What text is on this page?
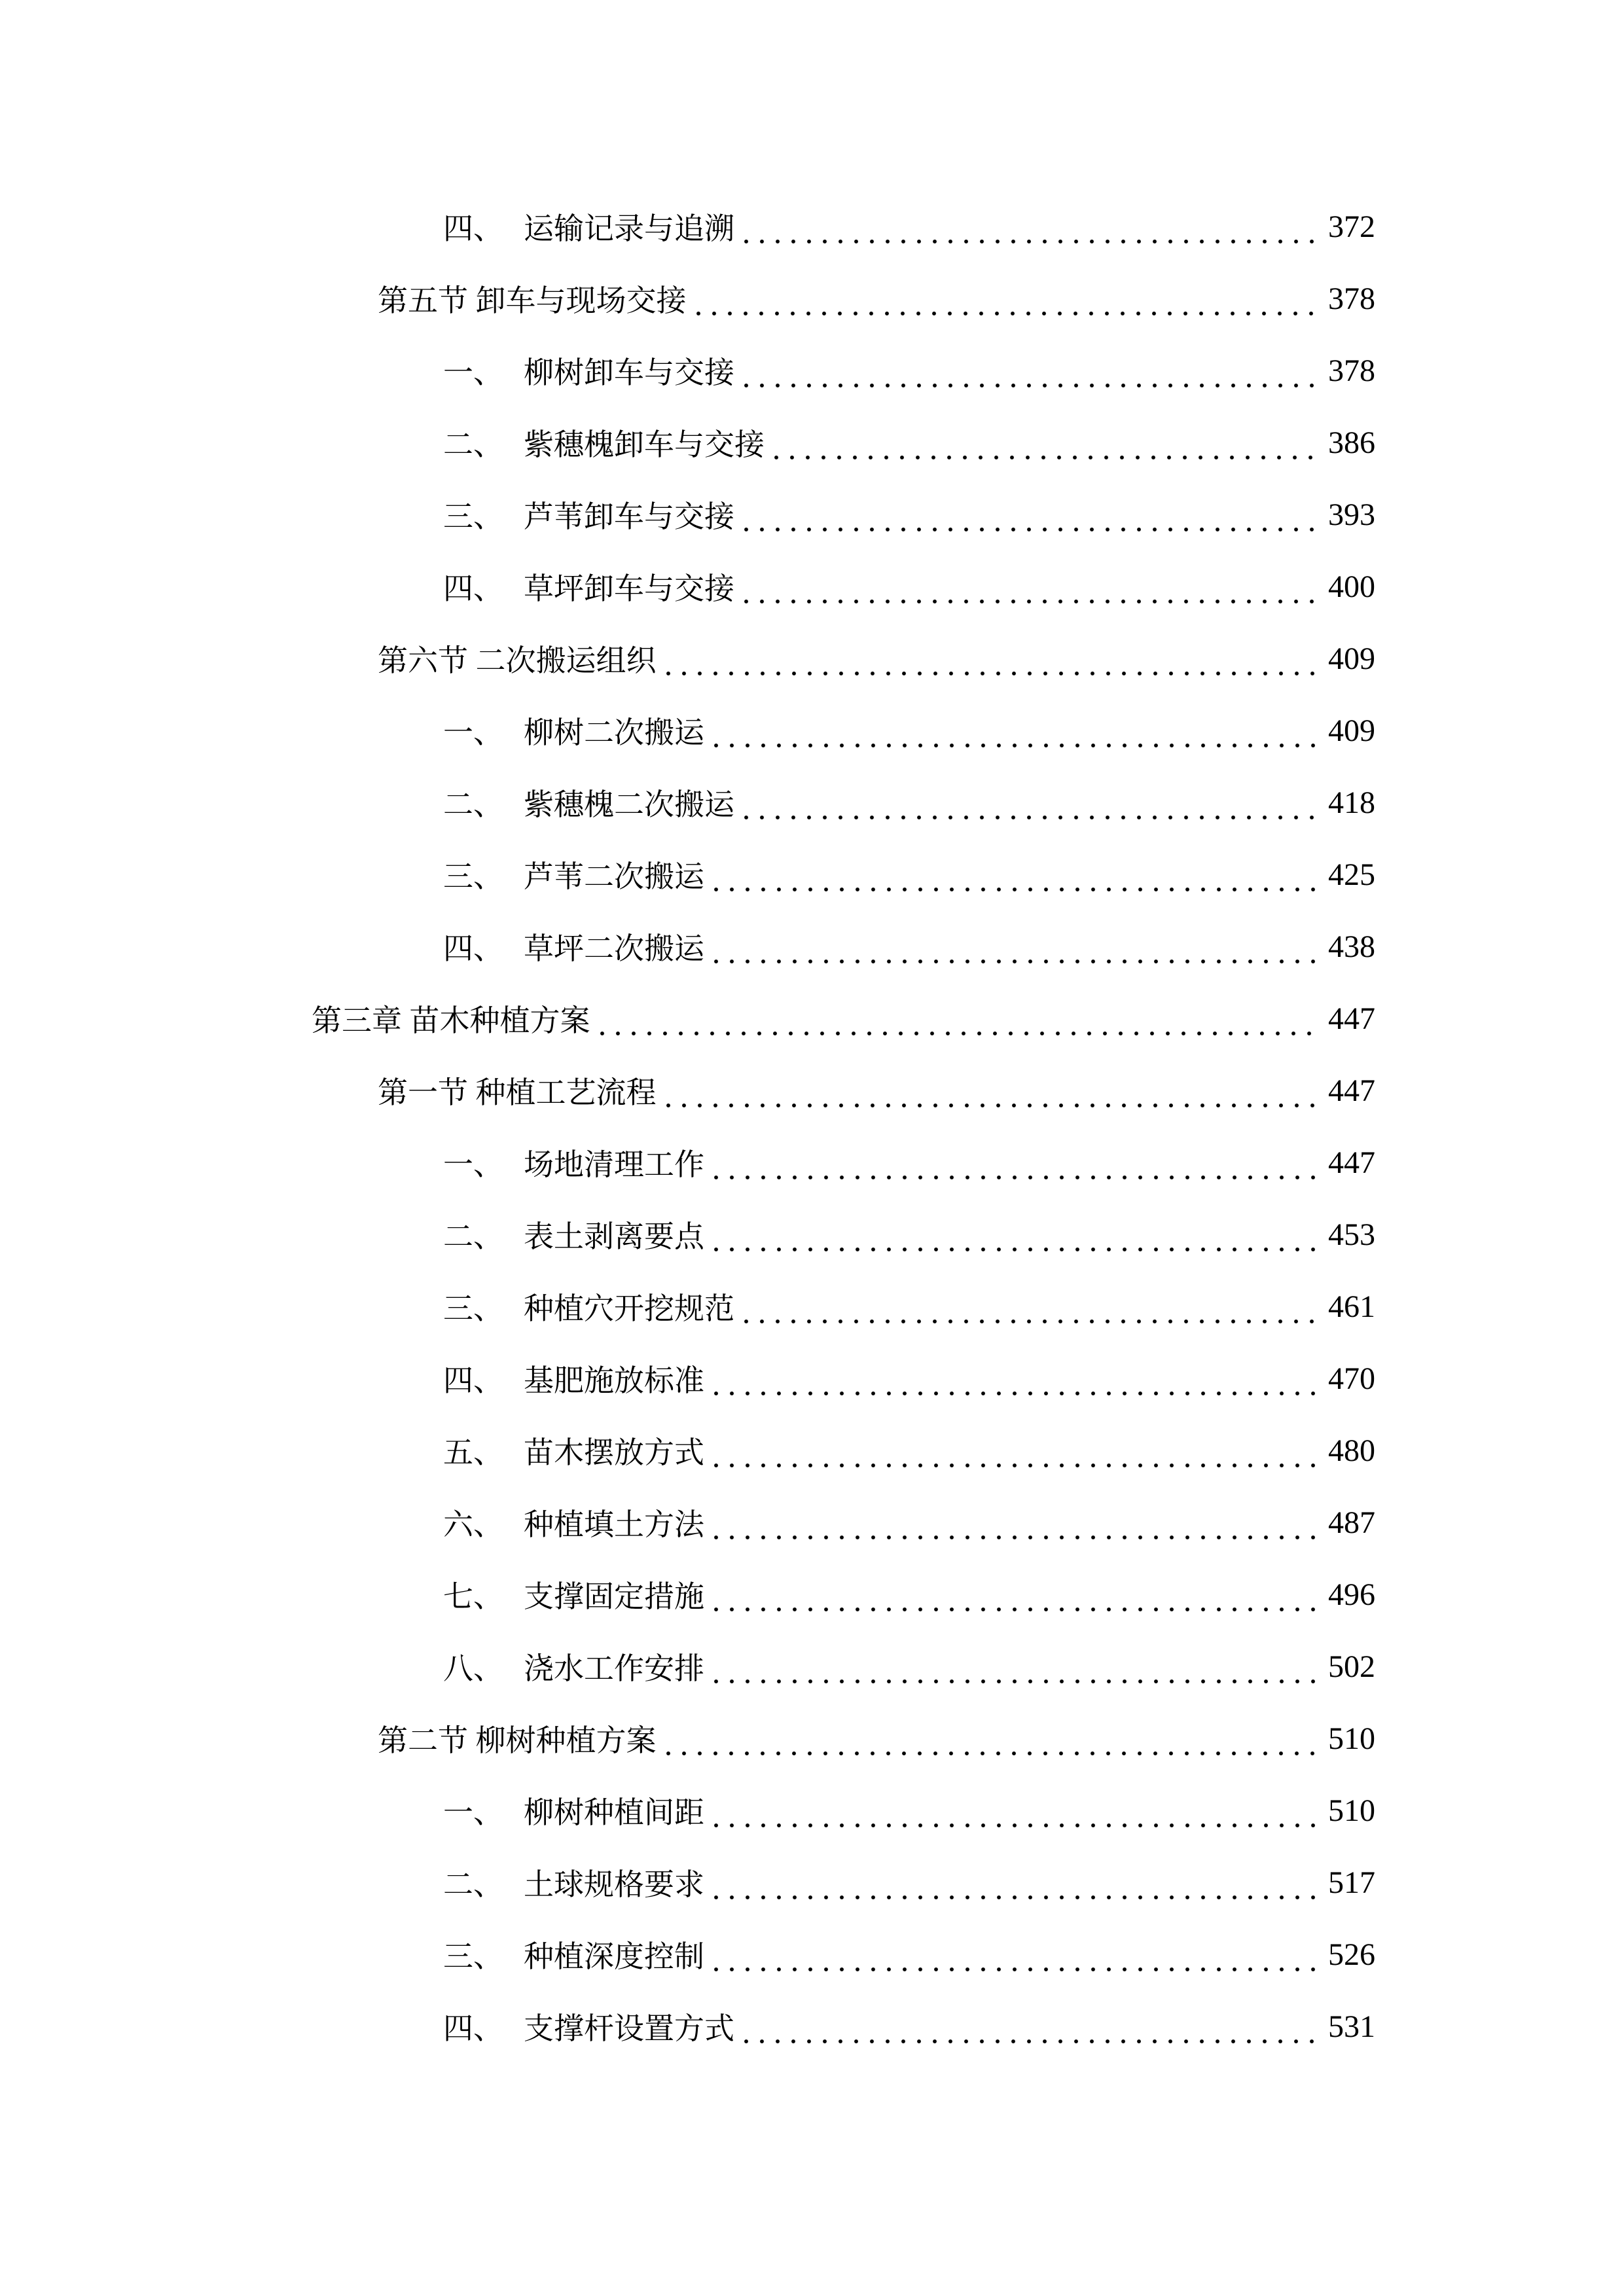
四、 运输记录与追溯	372
第五节 卸车与现场交接	378
一、 柳树卸车与交接	378
二、 紫穗槐卸车与交接	386
三、 芦苇卸车与交接	393
四、 草坪卸车与交接	400
第六节 二次搬运组织	409
一、 柳树二次搬运	409
二、 紫穗槐二次搬运	418
三、 芦苇二次搬运	425
四、 草坪二次搬运	438
第三章 苗木种植方案	447
第一节 种植工艺流程	447
一、 场地清理工作	447
二、 表土剥离要点	453
三、 种植穴开挖规范	461
四、 基肥施放标准	470
五、 苗木摆放方式	480
六、 种植填土方法	487
七、 支撑固定措施	496
八、 浇水工作安排	502
第二节 柳树种植方案	510
一、 柳树种植间距	510
二、 土球规格要求	517
三、 种植深度控制	526
四、 支撑杆设置方式	531
